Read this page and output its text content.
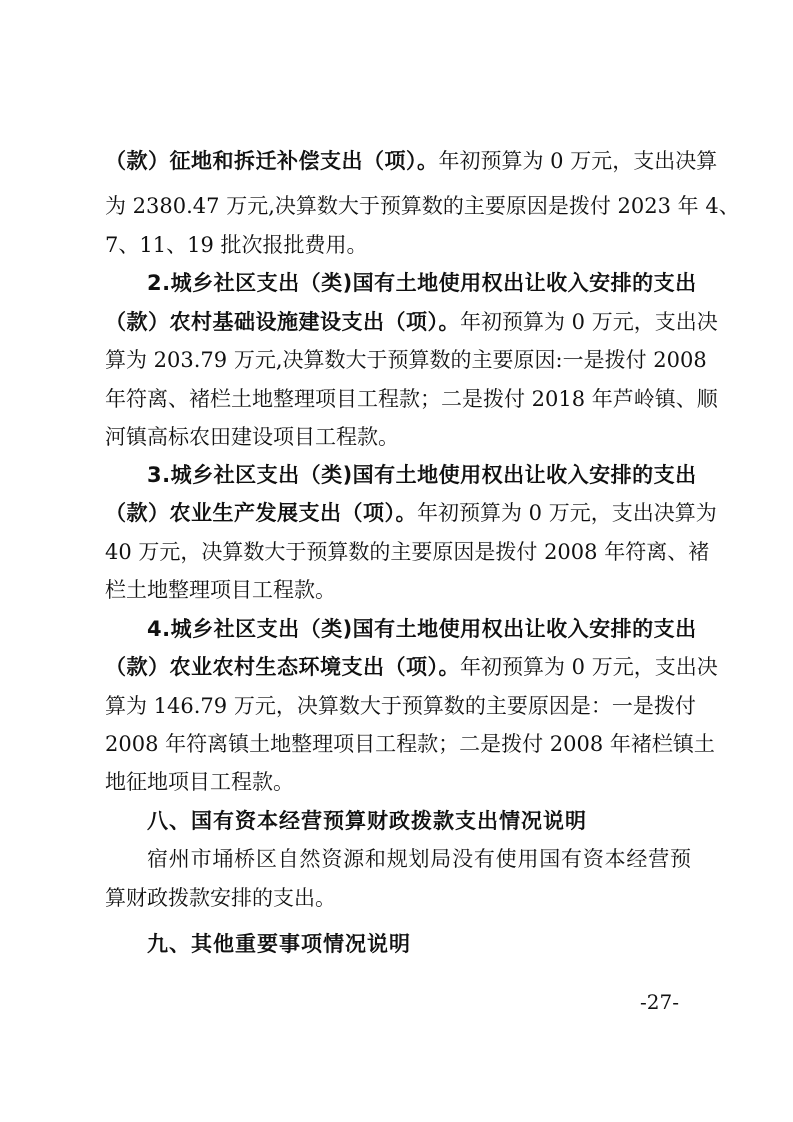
（款）征地和拆迁补偿支出（项）。年初预算为 0 万元，支出决算
为 2380.47 万元,决算数大于预算数的主要原因是拨付 2023 年 4、
7、11、19 批次报批费用。
2.城乡社区支出（类)国有土地使用权出让收入安排的支出
（款）农村基础设施建设支出（项）。年初预算为 0 万元，支出决
算为 203.79 万元,决算数大于预算数的主要原因:一是拨付 2008
年符离、褚栏土地整理项目工程款；二是拨付 2018 年芦岭镇、顺
河镇高标农田建设项目工程款。
3.城乡社区支出（类)国有土地使用权出让收入安排的支出
（款）农业生产发展支出（项）。年初预算为 0 万元，支出决算为
40 万元，决算数大于预算数的主要原因是拨付 2008 年符离、褚
栏土地整理项目工程款。
4.城乡社区支出（类)国有土地使用权出让收入安排的支出
（款）农业农村生态环境支出（项）。年初预算为 0 万元，支出决
算为 146.79 万元，决算数大于预算数的主要原因是：一是拨付
2008 年符离镇土地整理项目工程款；二是拨付 2008 年褚栏镇土
地征地项目工程款。
八、国有资本经营预算财政拨款支出情况说明
宿州市埇桥区自然资源和规划局没有使用国有资本经营预
算财政拨款安排的支出。
九、其他重要事项情况说明
-27-
